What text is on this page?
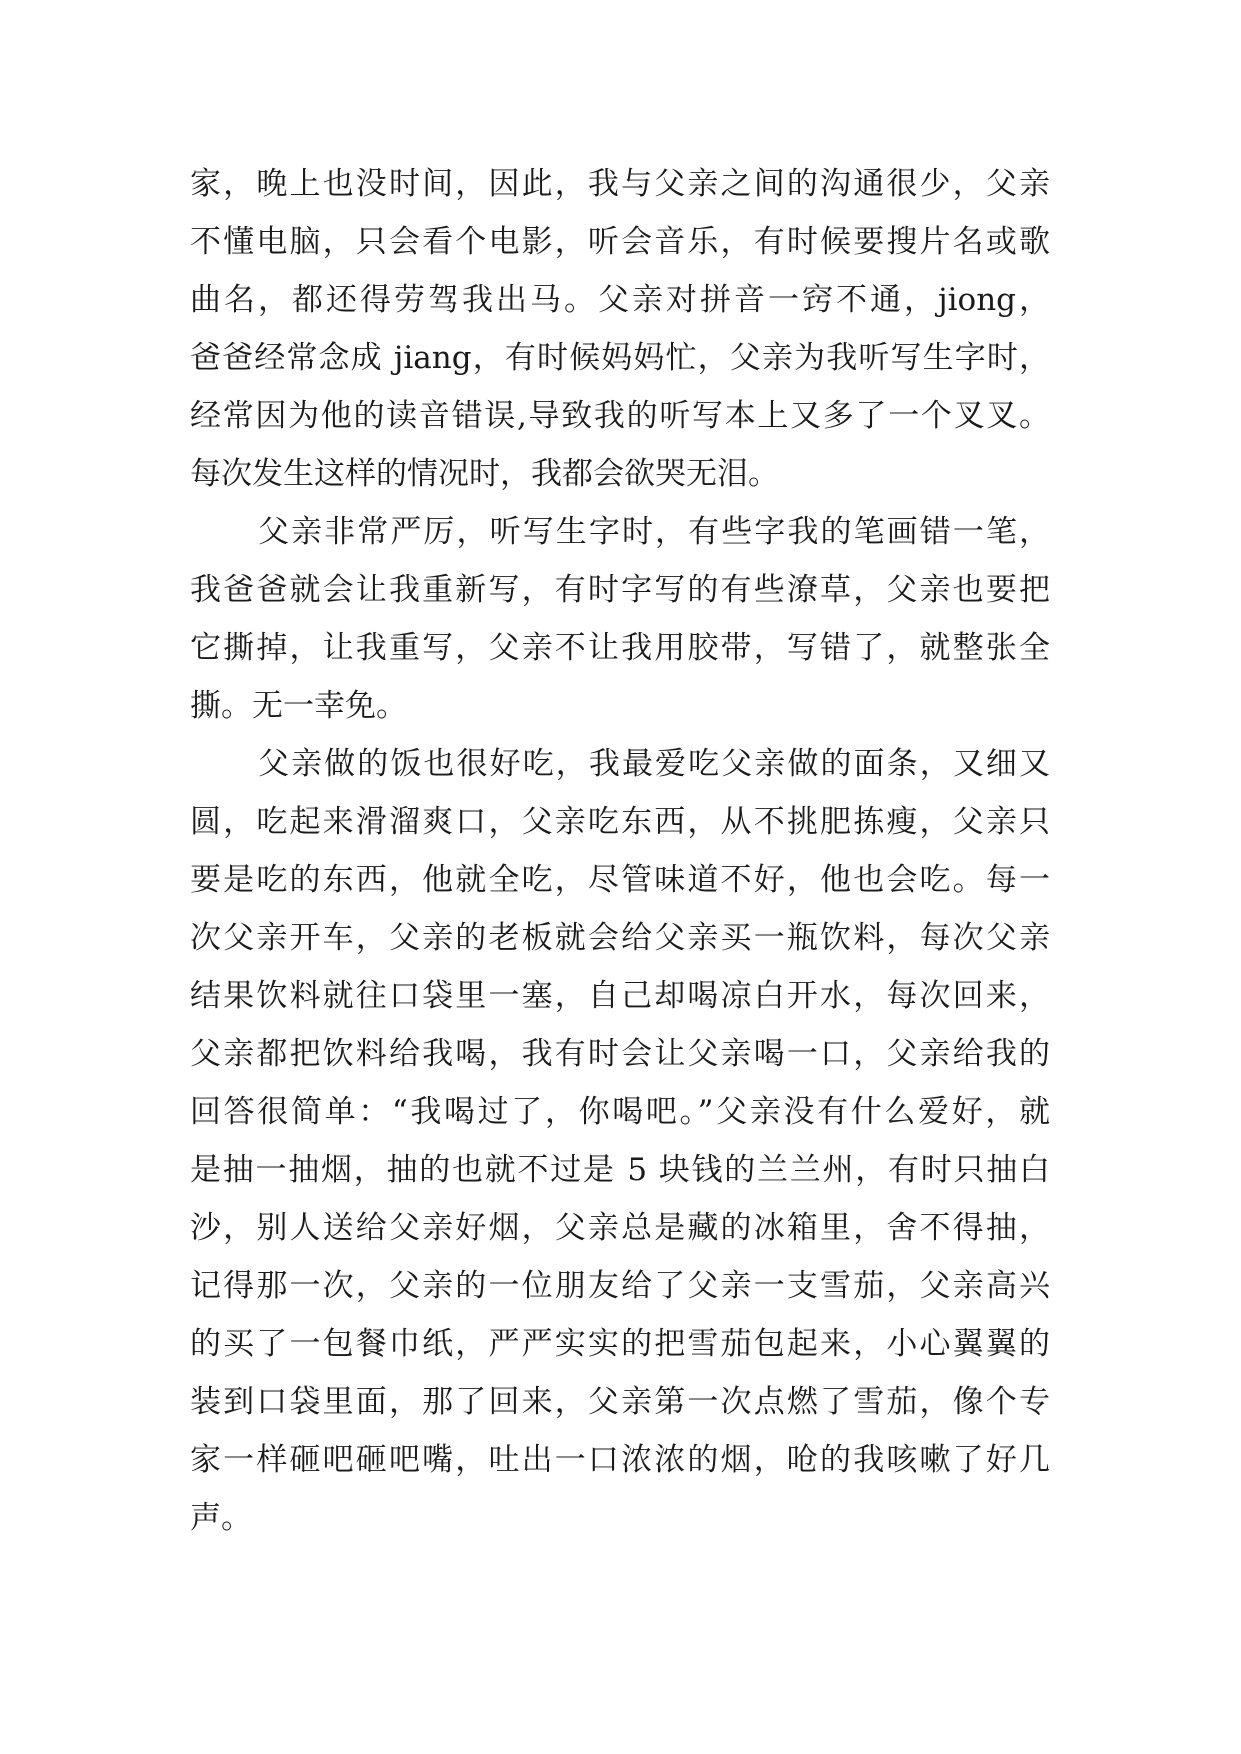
家，晚上也没时间，因此，我与父亲之间的沟通很少，父亲
不懂电脑，只会看个电影，听会音乐，有时候要搜片名或歌
曲名，都还得劳驾我出马。父亲对拼音一窍不通，jiong，
爸爸经常念成 jiang，有时候妈妈忙，父亲为我听写生字时，
经常因为他的读音错误,导致我的听写本上又多了一个叉叉。
每次发生这样的情况时，我都会欲哭无泪。
父亲非常严厉，听写生字时，有些字我的笔画错一笔，
我爸爸就会让我重新写，有时字写的有些潦草，父亲也要把
它撕掉，让我重写，父亲不让我用胶带，写错了，就整张全
撕。无一幸免。
父亲做的饭也很好吃，我最爱吃父亲做的面条，又细又
圆，吃起来滑溜爽口，父亲吃东西，从不挑肥拣瘦，父亲只
要是吃的东西，他就全吃，尽管味道不好，他也会吃。每一
次父亲开车，父亲的老板就会给父亲买一瓶饮料，每次父亲
结果饮料就往口袋里一塞，自己却喝凉白开水，每次回来，
父亲都把饮料给我喝，我有时会让父亲喝一口，父亲给我的
回答很简单：“我喝过了，你喝吧。”父亲没有什么爱好，就
是抽一抽烟，抽的也就不过是 5 块钱的兰兰州，有时只抽白
沙，别人送给父亲好烟，父亲总是藏的冰箱里，舍不得抽，
记得那一次，父亲的一位朋友给了父亲一支雪茄，父亲高兴
的买了一包餐巾纸，严严实实的把雪茄包起来，小心翼翼的
装到口袋里面，那了回来，父亲第一次点燃了雪茄，像个专
家一样砸吧砸吧嘴，吐出一口浓浓的烟，呛的我咳嗽了好几
声。
